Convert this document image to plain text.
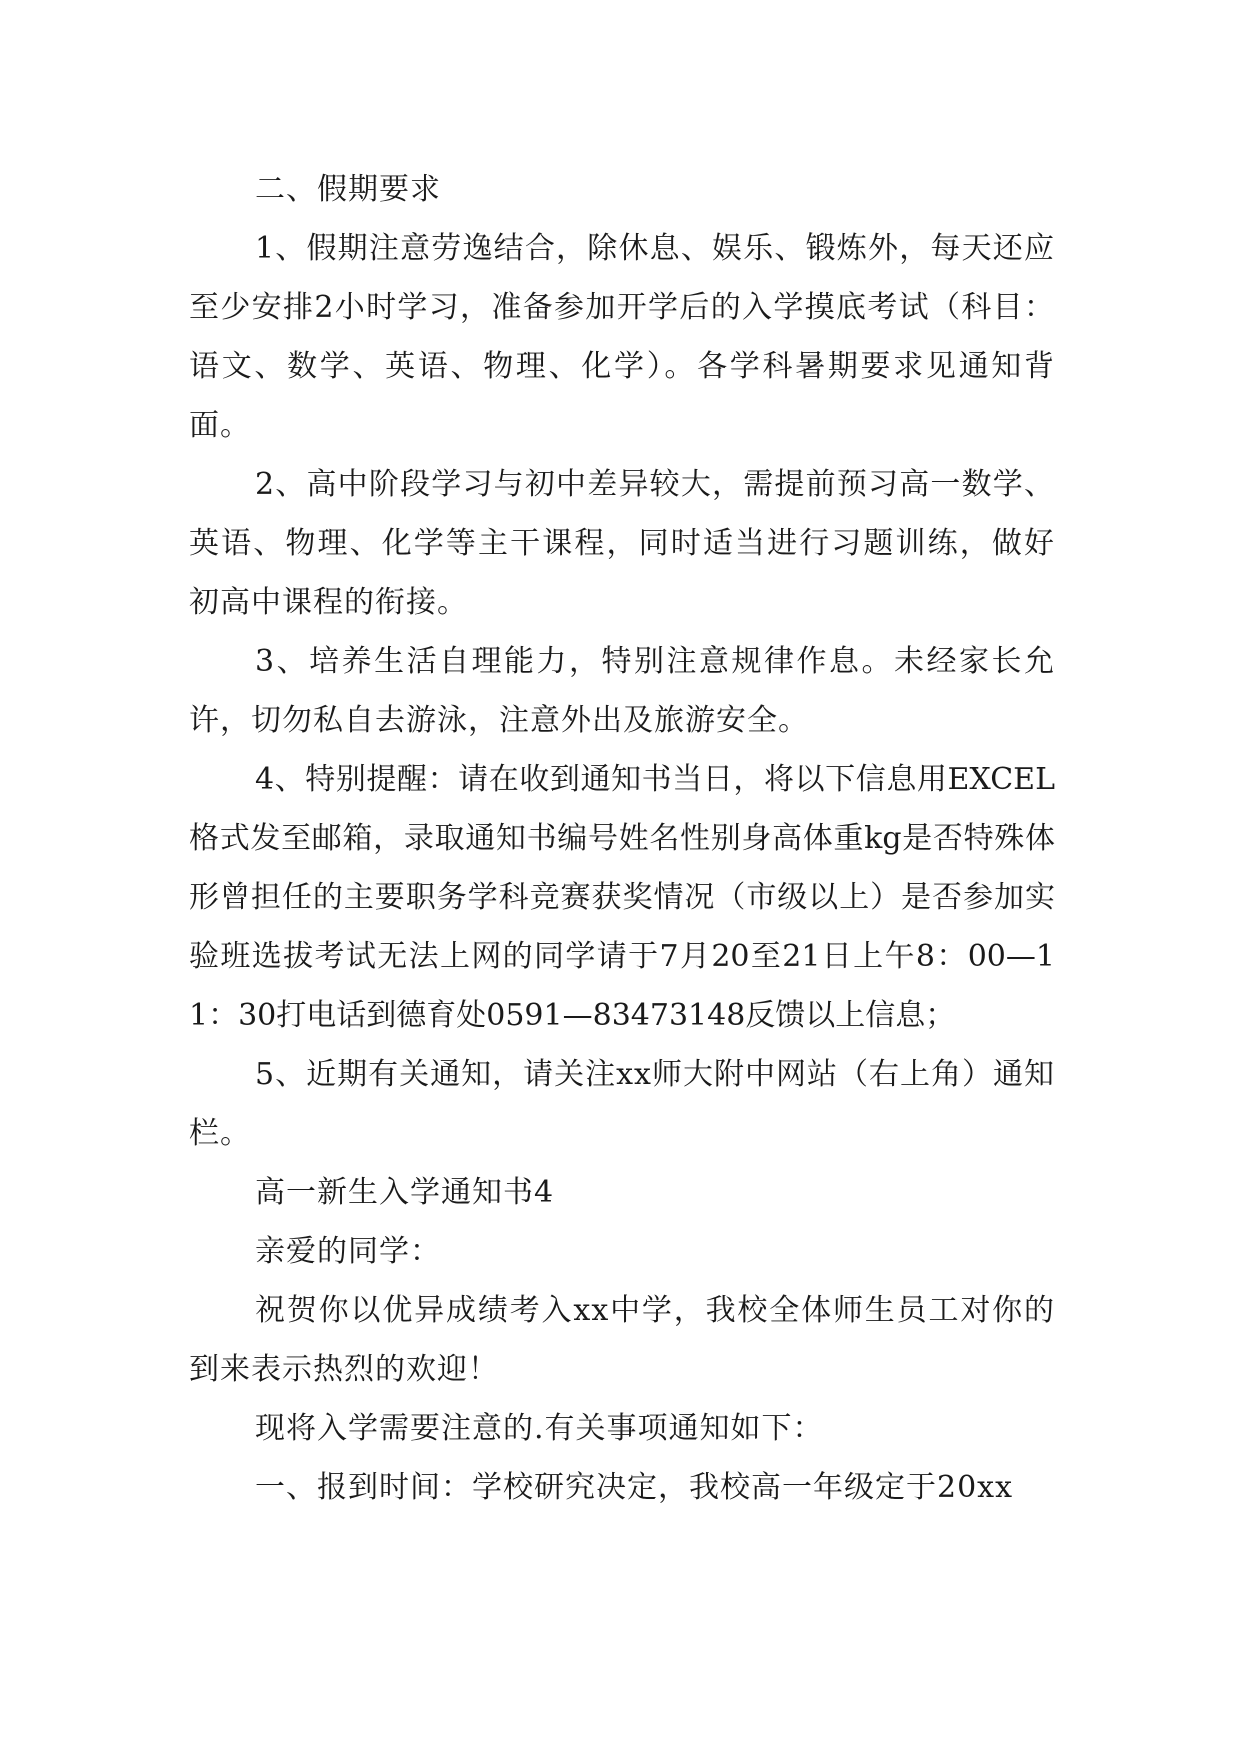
二、假期要求

1、假期注意劳逸结合，除休息、娱乐、锻炼外，每天还应至少安排2小时学习，准备参加开学后的入学摸底考试（科目：语文、数学、英语、物理、化学）。各学科暑期要求见通知背面。

2、高中阶段学习与初中差异较大，需提前预习高一数学、英语、物理、化学等主干课程，同时适当进行习题训练，做好初高中课程的衔接。

3、培养生活自理能力，特别注意规律作息。未经家长允许，切勿私自去游泳，注意外出及旅游安全。

4、特别提醒：请在收到通知书当日，将以下信息用EXCEL格式发至邮箱，录取通知书编号姓名性别身高体重kg是否特殊体形曾担任的主要职务学科竞赛获奖情况（市级以上）是否参加实验班选拔考试无法上网的同学请于7月20至21日上午8：00—11：30打电话到德育处0591—83473148反馈以上信息；

5、近期有关通知，请关注xx师大附中网站（右上角）通知栏。

高一新生入学通知书4

亲爱的同学：

祝贺你以优异成绩考入xx中学，我校全体师生员工对你的到来表示热烈的欢迎！

现将入学需要注意的.有关事项通知如下：

一、报到时间：学校研究决定，我校高一年级定于20xx
